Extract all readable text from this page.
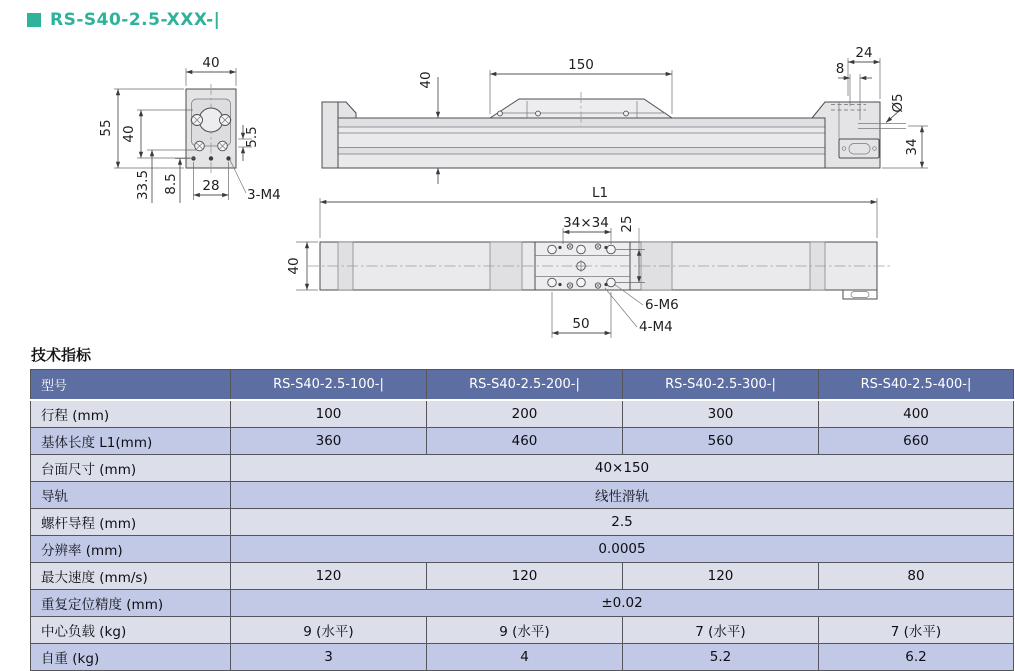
RS-S40-2.5-XXX-|
40
55 40	5.5
33.5 8.5 28
3-M4
150
40
24
8
Ø5
34
L1
34×34 25
40
50
6-M6
4-M4
技术指标
型号	RS-S40-2.5-100-|	RS-S40-2.5-200-|	RS-S40-2.5-300-|	RS-S40-2.5-400-|
行程 (mm)	100	200	300	400
基体长度 L1(mm)	360	460	560	660
台面尺寸 (mm)	40×150			
导轨	线性滑轨			
螺杆导程 (mm)	2.5			
分辨率 (mm)	0.0005			
最大速度 (mm/s)	120	120	120	80
重复定位精度 (mm)	±0.02			
中心负载 (kg)	9 (水平)	9 (水平)	7 (水平)	7 (水平)
自重 (kg)	3	4	5.2	6.2
